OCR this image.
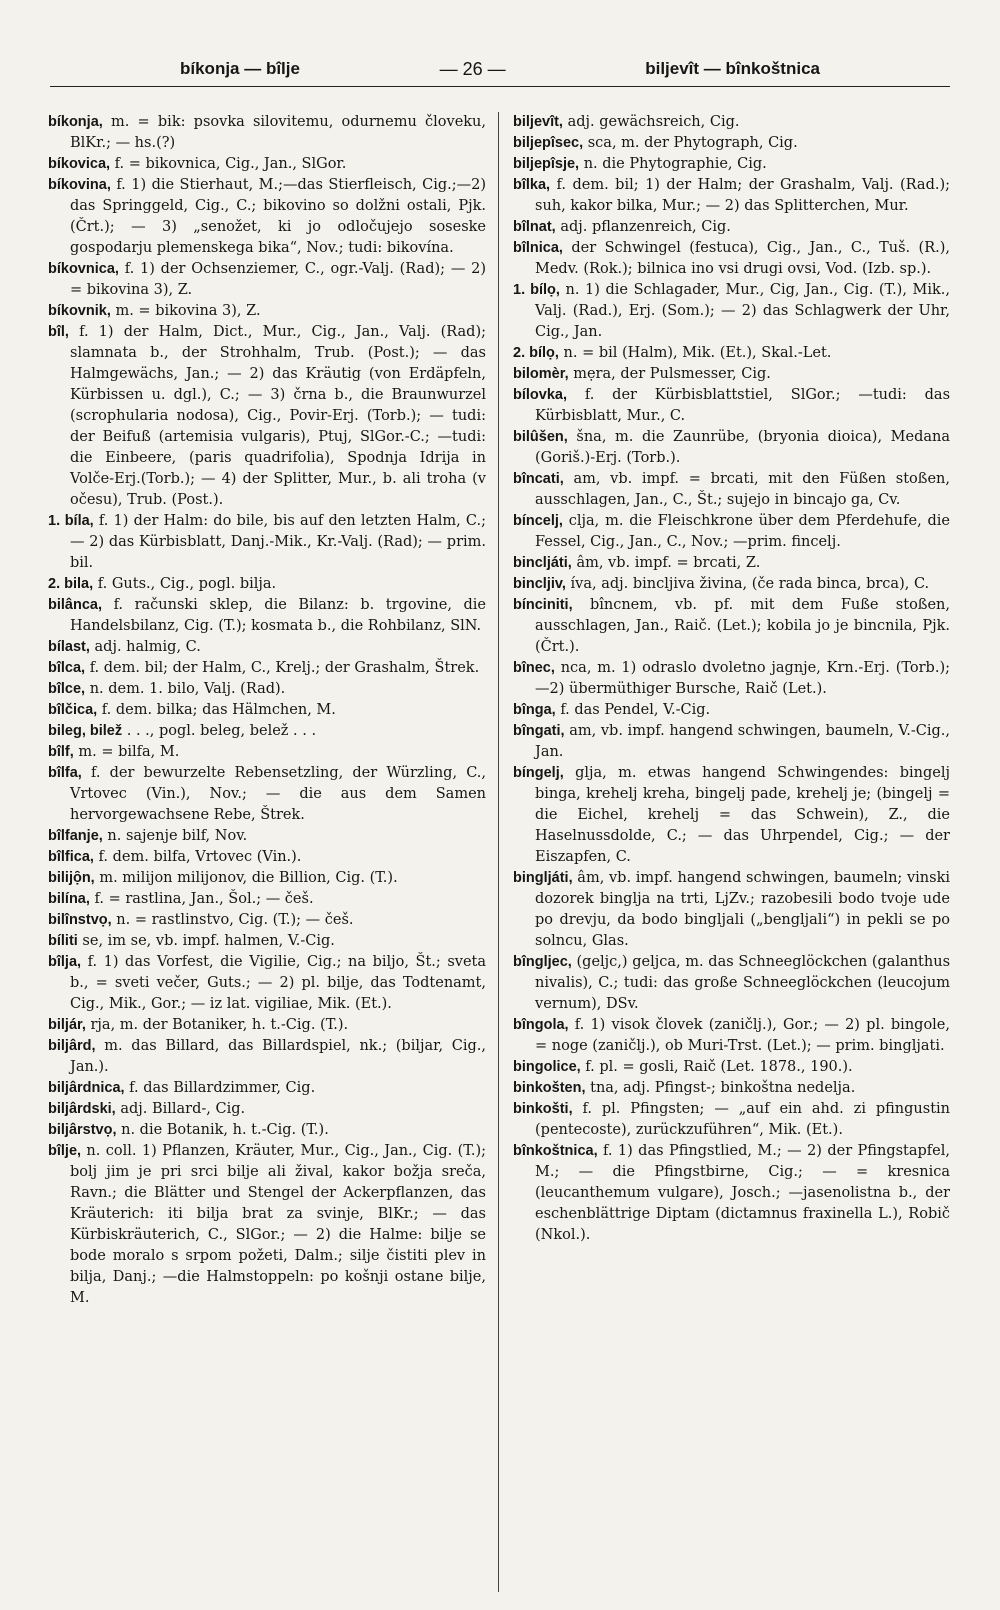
bíkonja — bîlje	— 26 —	biljevît — bînkoštnica

bíkonja, m. = bik: psovka silovitemu, odurnemu človeku, BlKr.; — hs.(?)

bíkovica, f. = bikovnica, Cig., Jan., SlGor.

bíkovina, f. 1) die Stierhaut, M.;—das Stierfleisch, Cig.;—2) das Springgeld, Cig., C.; bikovino so dolžni ostali, Pjk. (Črt.); — 3) „senožet, ki jo odločujejo soseske gospodarju plemenskega bika“, Nov.; tudi: bikovína.

bíkovnica, f. 1) der Ochsenziemer, C., ogr.-Valj. (Rad); — 2) = bikovina 3), Z.

bíkovnik, m. = bikovina 3), Z.

bîl, f. 1) der Halm, Dict., Mur., Cig., Jan., Valj. (Rad); slamnata b., der Strohhalm, Trub. (Post.); — das Halmgewächs, Jan.; — 2) das Kräutig (von Erdäpfeln, Kürbissen u. dgl.), C.; — 3) črna b., die Braunwurzel (scrophularia nodosa), Cig., Povir-Erj. (Torb.); — tudi: der Beifuß (artemisia vulgaris), Ptuj, SlGor.-C.; —tudi: die Einbeere, (paris quadrifolia), Spodnja Idrija in Volče-Erj.(Torb.); — 4) der Splitter, Mur., b. ali troha (v očesu), Trub. (Post.).

1. bíla, f. 1) der Halm: do bile, bis auf den letzten Halm, C.; — 2) das Kürbisblatt, Danj.-Mik., Kr.-Valj. (Rad); — prim. bil.

2. bila, f. Guts., Cig., pogl. bilja.

bilânca, f. računski sklep, die Bilanz: b. trgovine, die Handelsbilanz, Cig. (T.); kosmata b., die Rohbilanz, SlN.

bílast, adj. halmig, C.

bîlca, f. dem. bil; der Halm, C., Krelj.; der Grashalm, Štrek.

bîlce, n. dem. 1. bilo, Valj. (Rad).

bîlčica, f. dem. bilka; das Hälmchen, M.

bileg, bilež . . ., pogl. beleg, belež . . .

bîlf, m. = bilfa, M.

bîlfa, f. der bewurzelte Rebensetzling, der Würzling, C., Vrtovec (Vin.), Nov.; — die aus dem Samen hervorgewachsene Rebe, Štrek.

bîlfanje, n. sajenje bilf, Nov.

bîlfica, f. dem. bilfa, Vrtovec (Vin.).

bilijọ̑n, m. milijon milijonov, die Billion, Cig. (T.).

bilína, f. = rastlina, Jan., Šol.; — češ.

bilînstvọ, n. = rastlinstvo, Cig. (T.); — češ.

bíliti se, im se, vb. impf. halmen, V.-Cig.

bîlja, f. 1) das Vorfest, die Vigilie, Cig.; na biljo, Št.; sveta b., = sveti večer, Guts.; — 2) pl. bilje, das Todtenamt, Cig., Mik., Gor.; — iz lat. vigiliae, Mik. (Et.).

biljár, rja, m. der Botaniker, h. t.-Cig. (T.).

biljârd, m. das Billard, das Billardspiel, nk.; (biljar, Cig., Jan.).

biljârdnica, f. das Billardzimmer, Cig.

biljârdski, adj. Billard-, Cig.

biljârstvọ, n. die Botanik, h. t.-Cig. (T.).

bîlje, n. coll. 1) Pflanzen, Kräuter, Mur., Cig., Jan., Cig. (T.); bolj jim je pri srci bilje ali žival, kakor božja sreča, Ravn.; die Blätter und Stengel der Ackerpflanzen, das Kräuterich: iti bilja brat za svinje, BlKr.; — das Kürbiskräuterich, C., SlGor.; — 2) die Halme: bilje se bode moralo s srpom požeti, Dalm.; silje čistiti plev in bilja, Danj.; —die Halmstoppeln: po košnji ostane bilje, M.

biljevît, adj. gewächsreich, Cig.

biljepîsec, sca, m. der Phytograph, Cig.

biljepîsje, n. die Phytographie, Cig.

bîlka, f. dem. bil; 1) der Halm; der Grashalm, Valj. (Rad.); suh, kakor bilka, Mur.; — 2) das Splitterchen, Mur.

bîlnat, adj. pflanzenreich, Cig.

bîlnica, der Schwingel (festuca), Cig., Jan., C., Tuš. (R.), Medv. (Rok.); bilnica ino vsi drugi ovsi, Vod. (Izb. sp.).

1. bílọ, n. 1) die Schlagader, Mur., Cig, Jan., Cig. (T.), Mik., Valj. (Rad.), Erj. (Som.); — 2) das Schlagwerk der Uhr, Cig., Jan.

2. bílọ, n. = bil (Halm), Mik. (Et.), Skal.-Let.

bilomèr, mẹra, der Pulsmesser, Cig.

bílovka, f. der Kürbisblattstiel, SlGor.; —tudi: das Kürbisblatt, Mur., C.

bilûšen, šna, m. die Zaunrübe, (bryonia dioica), Medana (Goriš.)-Erj. (Torb.).

bîncati, am, vb. impf. = brcati, mit den Füßen stoßen, ausschlagen, Jan., C., Št.; sujejo in bincajo ga, Cv.

bíncelj, clja, m. die Fleischkrone über dem Pferdehufe, die Fessel, Cig., Jan., C., Nov.; —prim. fincelj.

bincljáti, âm, vb. impf. = brcati, Z.

bincljiv, íva, adj. bincljiva živina, (če rada binca, brca), C.

bínciniti, bîncnem, vb. pf. mit dem Fuße stoßen, ausschlagen, Jan., Raič. (Let.); kobila jo je bincnila, Pjk. (Črt.).

bînec, nca, m. 1) odraslo dvoletno jagnje, Krn.-Erj. (Torb.); —2) übermüthiger Bursche, Raič (Let.).

bînga, f. das Pendel, V.-Cig.

bîngati, am, vb. impf. hangend schwingen, baumeln, V.-Cig., Jan.

bíngelj, glja, m. etwas hangend Schwingendes: bingelj binga, krehelj kreha, bingelj pade, krehelj je; (bingelj = die Eichel, krehelj = das Schwein), Z., die Haselnussdolde, C.; — das Uhrpendel, Cig.; — der Eiszapfen, C.

bingljáti, âm, vb. impf. hangend schwingen, baumeln; vinski dozorek binglja na trti, LjZv.; razobesili bodo tvoje ude po drevju, da bodo bingljali („bengljali“) in pekli se po solncu, Glas.

bînglјec, (gelјc,) geljca, m. das Schneeglöckchen (galanthus nivalis), C.; tudi: das große Schneeglöckchen (leucojum vernum), DSv.

bîngola, f. 1) visok človek (zaničlj.), Gor.; — 2) pl. bingole, = noge (zaničlj.), ob Muri-Trst. (Let.); — prim. bingljati.

bingolice, f. pl. = gosli, Raič (Let. 1878., 190.).

binkošten, tna, adj. Pfingst-; binkoštna nedelja.

binkošti, f. pl. Pfingsten; — „auf ein ahd. zi pfingustin (pentecoste), zurückzuführen“, Mik. (Et.).

bînkoštnica, f. 1) das Pfingstlied, M.; — 2) der Pfingstapfel, M.; — die Pfingstbirne, Cig.; — = kresnica (leucanthemum vulgare), Josch.; —jasenolistna b., der eschenblättrige Diptam (dictamnus fraxinella L.), Robič (Nkol.).
